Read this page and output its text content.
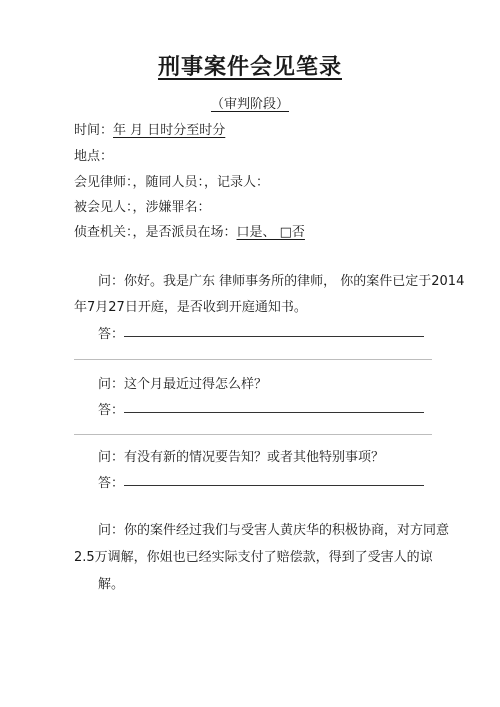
刑事案件会见笔录
（审判阶段）
时间：年 月 日时分至时分
地点：
会见律师：，随同人员：，记录人：
被会见人：，涉嫌罪名：
侦查机关：，是否派员在场：口是、 □否
问：你好。我是广东 律师事务所的律师， 你的案件已定于2014
年7月27日开庭，是否收到开庭通知书。
答：
问：这个月最近过得怎么样？
答：
问：有没有新的情况要告知？或者其他特别事项？
答：
问：你的案件经过我们与受害人黄庆华的积极协商，对方同意
2.5万调解，你姐也已经实际支付了赔偿款，得到了受害人的谅
解。
